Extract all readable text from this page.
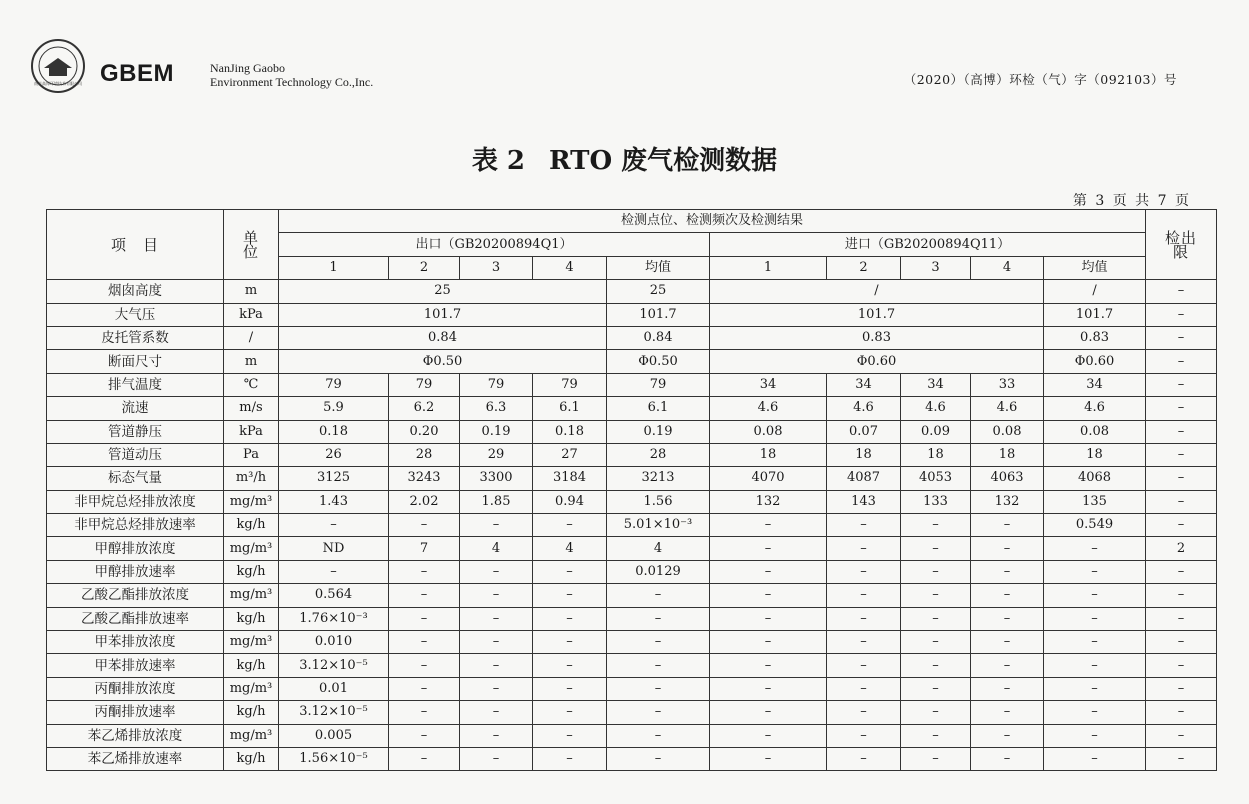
南京高博环境技术有限公司 GBEM	NanJing Gaobo
Environment Technology Co.,Inc.	（2020）（高博）环检（气）字（092103）号
表 2 RTO 废气检测数据
第 3 页 共 7 页
项　目	单位	检测点位、检测频次及检测结果										检出限
		出口（GB20200894Q1）					进口（GB20200894Q11）					
		1	2	3	4	均值	1	2	3	4	均值	
烟囱高度	m	25				25	/				/	–
大气压	kPa	101.7				101.7	101.7				101.7	–
皮托管系数	/	0.84				0.84	0.83				0.83	–
断面尺寸	m	Φ0.50				Φ0.50	Φ0.60				Φ0.60	–
排气温度	℃	79	79	79	79	79	34	34	34	33	34	–
流速	m/s	5.9	6.2	6.3	6.1	6.1	4.6	4.6	4.6	4.6	4.6	–
管道静压	kPa	0.18	0.20	0.19	0.18	0.19	0.08	0.07	0.09	0.08	0.08	–
管道动压	Pa	26	28	29	27	28	18	18	18	18	18	–
标态气量	m³/h	3125	3243	3300	3184	3213	4070	4087	4053	4063	4068	–
非甲烷总烃排放浓度	mg/m³	1.43	2.02	1.85	0.94	1.56	132	143	133	132	135	–
非甲烷总烃排放速率	kg/h	–	–	–	–	5.01×10⁻³	–	–	–	–	0.549	–
甲醇排放浓度	mg/m³	ND	7	4	4	4	–	–	–	–	–	2
甲醇排放速率	kg/h	–	–	–	–	0.0129	–	–	–	–	–	–
乙酸乙酯排放浓度	mg/m³	0.564	–	–	–	–	–	–	–	–	–	–
乙酸乙酯排放速率	kg/h	1.76×10⁻³	–	–	–	–	–	–	–	–	–	–
甲苯排放浓度	mg/m³	0.010	–	–	–	–	–	–	–	–	–	–
甲苯排放速率	kg/h	3.12×10⁻⁵	–	–	–	–	–	–	–	–	–	–
丙酮排放浓度	mg/m³	0.01	–	–	–	–	–	–	–	–	–	–
丙酮排放速率	kg/h	3.12×10⁻⁵	–	–	–	–	–	–	–	–	–	–
苯乙烯排放浓度	mg/m³	0.005	–	–	–	–	–	–	–	–	–	–
苯乙烯排放速率	kg/h	1.56×10⁻⁵	–	–	–	–	–	–	–	–	–	–
